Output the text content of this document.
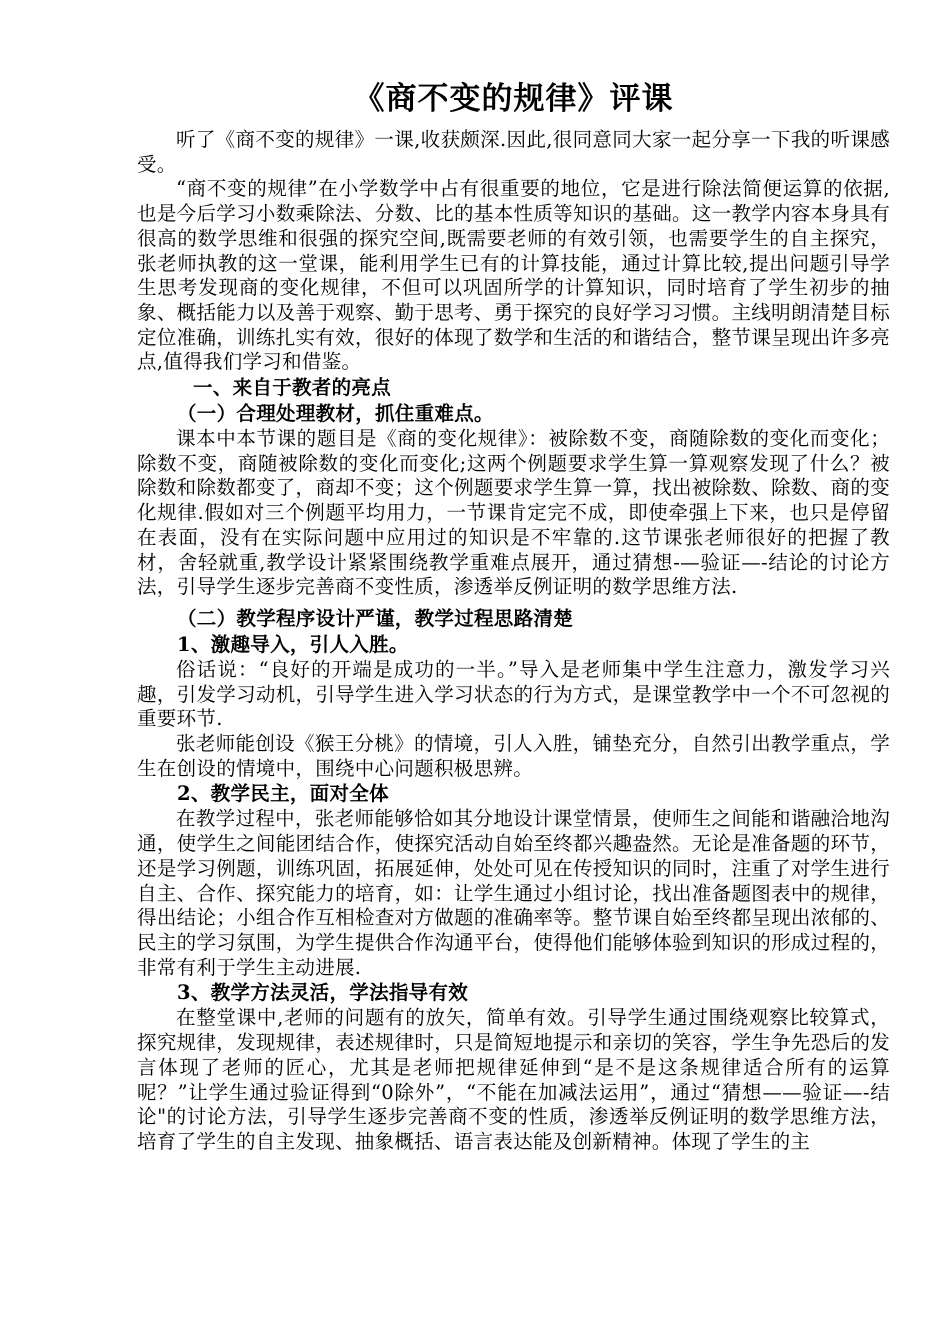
《商不变的规律》评课

听了《商不变的规律》一课,收获颇深.因此,很同意同大家一起分享一下我的听课感受。

“商不变的规律”在小学数学中占有很重要的地位，它是进行除法简便运算的依据,也是今后学习小数乘除法、分数、比的基本性质等知识的基础。这一教学内容本身具有很高的数学思维和很强的探究空间,既需要老师的有效引领，也需要学生的自主探究，张老师执教的这一堂课，能利用学生已有的计算技能，通过计算比较,提出问题引导学生思考发现商的变化规律，不但可以巩固所学的计算知识，同时培育了学生初步的抽象、概括能力以及善于观察、勤于思考、勇于探究的良好学习习惯。主线明朗清楚目标定位准确，训练扎实有效，很好的体现了数学和生活的和谐结合，整节课呈现出许多亮点,值得我们学习和借鉴。

一、来自于教者的亮点

（一）合理处理教材，抓住重难点。

课本中本节课的题目是《商的变化规律》：被除数不变，商随除数的变化而变化；除数不变，商随被除数的变化而变化;这两个例题要求学生算一算观察发现了什么？被除数和除数都变了，商却不变；这个例题要求学生算一算，找出被除数、除数、商的变化规律.假如对三个例题平均用力，一节课肯定完不成，即使牵强上下来，也只是停留在表面，没有在实际问题中应用过的知识是不牢靠的.这节课张老师很好的把握了教材，舍轻就重,教学设计紧紧围绕教学重难点展开，通过猜想-—验证—-结论的讨论方法，引导学生逐步完善商不变性质，渗透举反例证明的数学思维方法.

（二）教学程序设计严谨，教学过程思路清楚

1、激趣导入，引人入胜。

俗话说：“良好的开端是成功的一半。”导入是老师集中学生注意力，激发学习兴趣，引发学习动机，引导学生进入学习状态的行为方式，是课堂教学中一个不可忽视的重要环节.

张老师能创设《猴王分桃》的情境，引人入胜，铺垫充分，自然引出教学重点，学生在创设的情境中，围绕中心问题积极思辨。

2、教学民主，面对全体

在教学过程中，张老师能够恰如其分地设计课堂情景，使师生之间能和谐融洽地沟通，使学生之间能团结合作，使探究活动自始至终都兴趣盎然。无论是准备题的环节，还是学习例题，训练巩固，拓展延伸，处处可见在传授知识的同时，注重了对学生进行自主、合作、探究能力的培育，如：让学生通过小组讨论，找出准备题图表中的规律，得出结论；小组合作互相检查对方做题的准确率等。整节课自始至终都呈现出浓郁的、民主的学习氛围，为学生提供合作沟通平台，使得他们能够体验到知识的形成过程的，非常有利于学生主动进展.

3、教学方法灵活，学法指导有效

在整堂课中,老师的问题有的放矢，简单有效。引导学生通过围绕观察比较算式，探究规律，发现规律，表述规律时，只是简短地提示和亲切的笑容，学生争先恐后的发言体现了老师的匠心，尤其是老师把规律延伸到“是不是这条规律适合所有的运算呢？”让学生通过验证得到“0除外”，“不能在加减法运用”，通过“猜想——验证—-结论"的讨论方法，引导学生逐步完善商不变的性质，渗透举反例证明的数学思维方法，培育了学生的自主发现、抽象概括、语言表达能及创新精神。体现了学生的主
